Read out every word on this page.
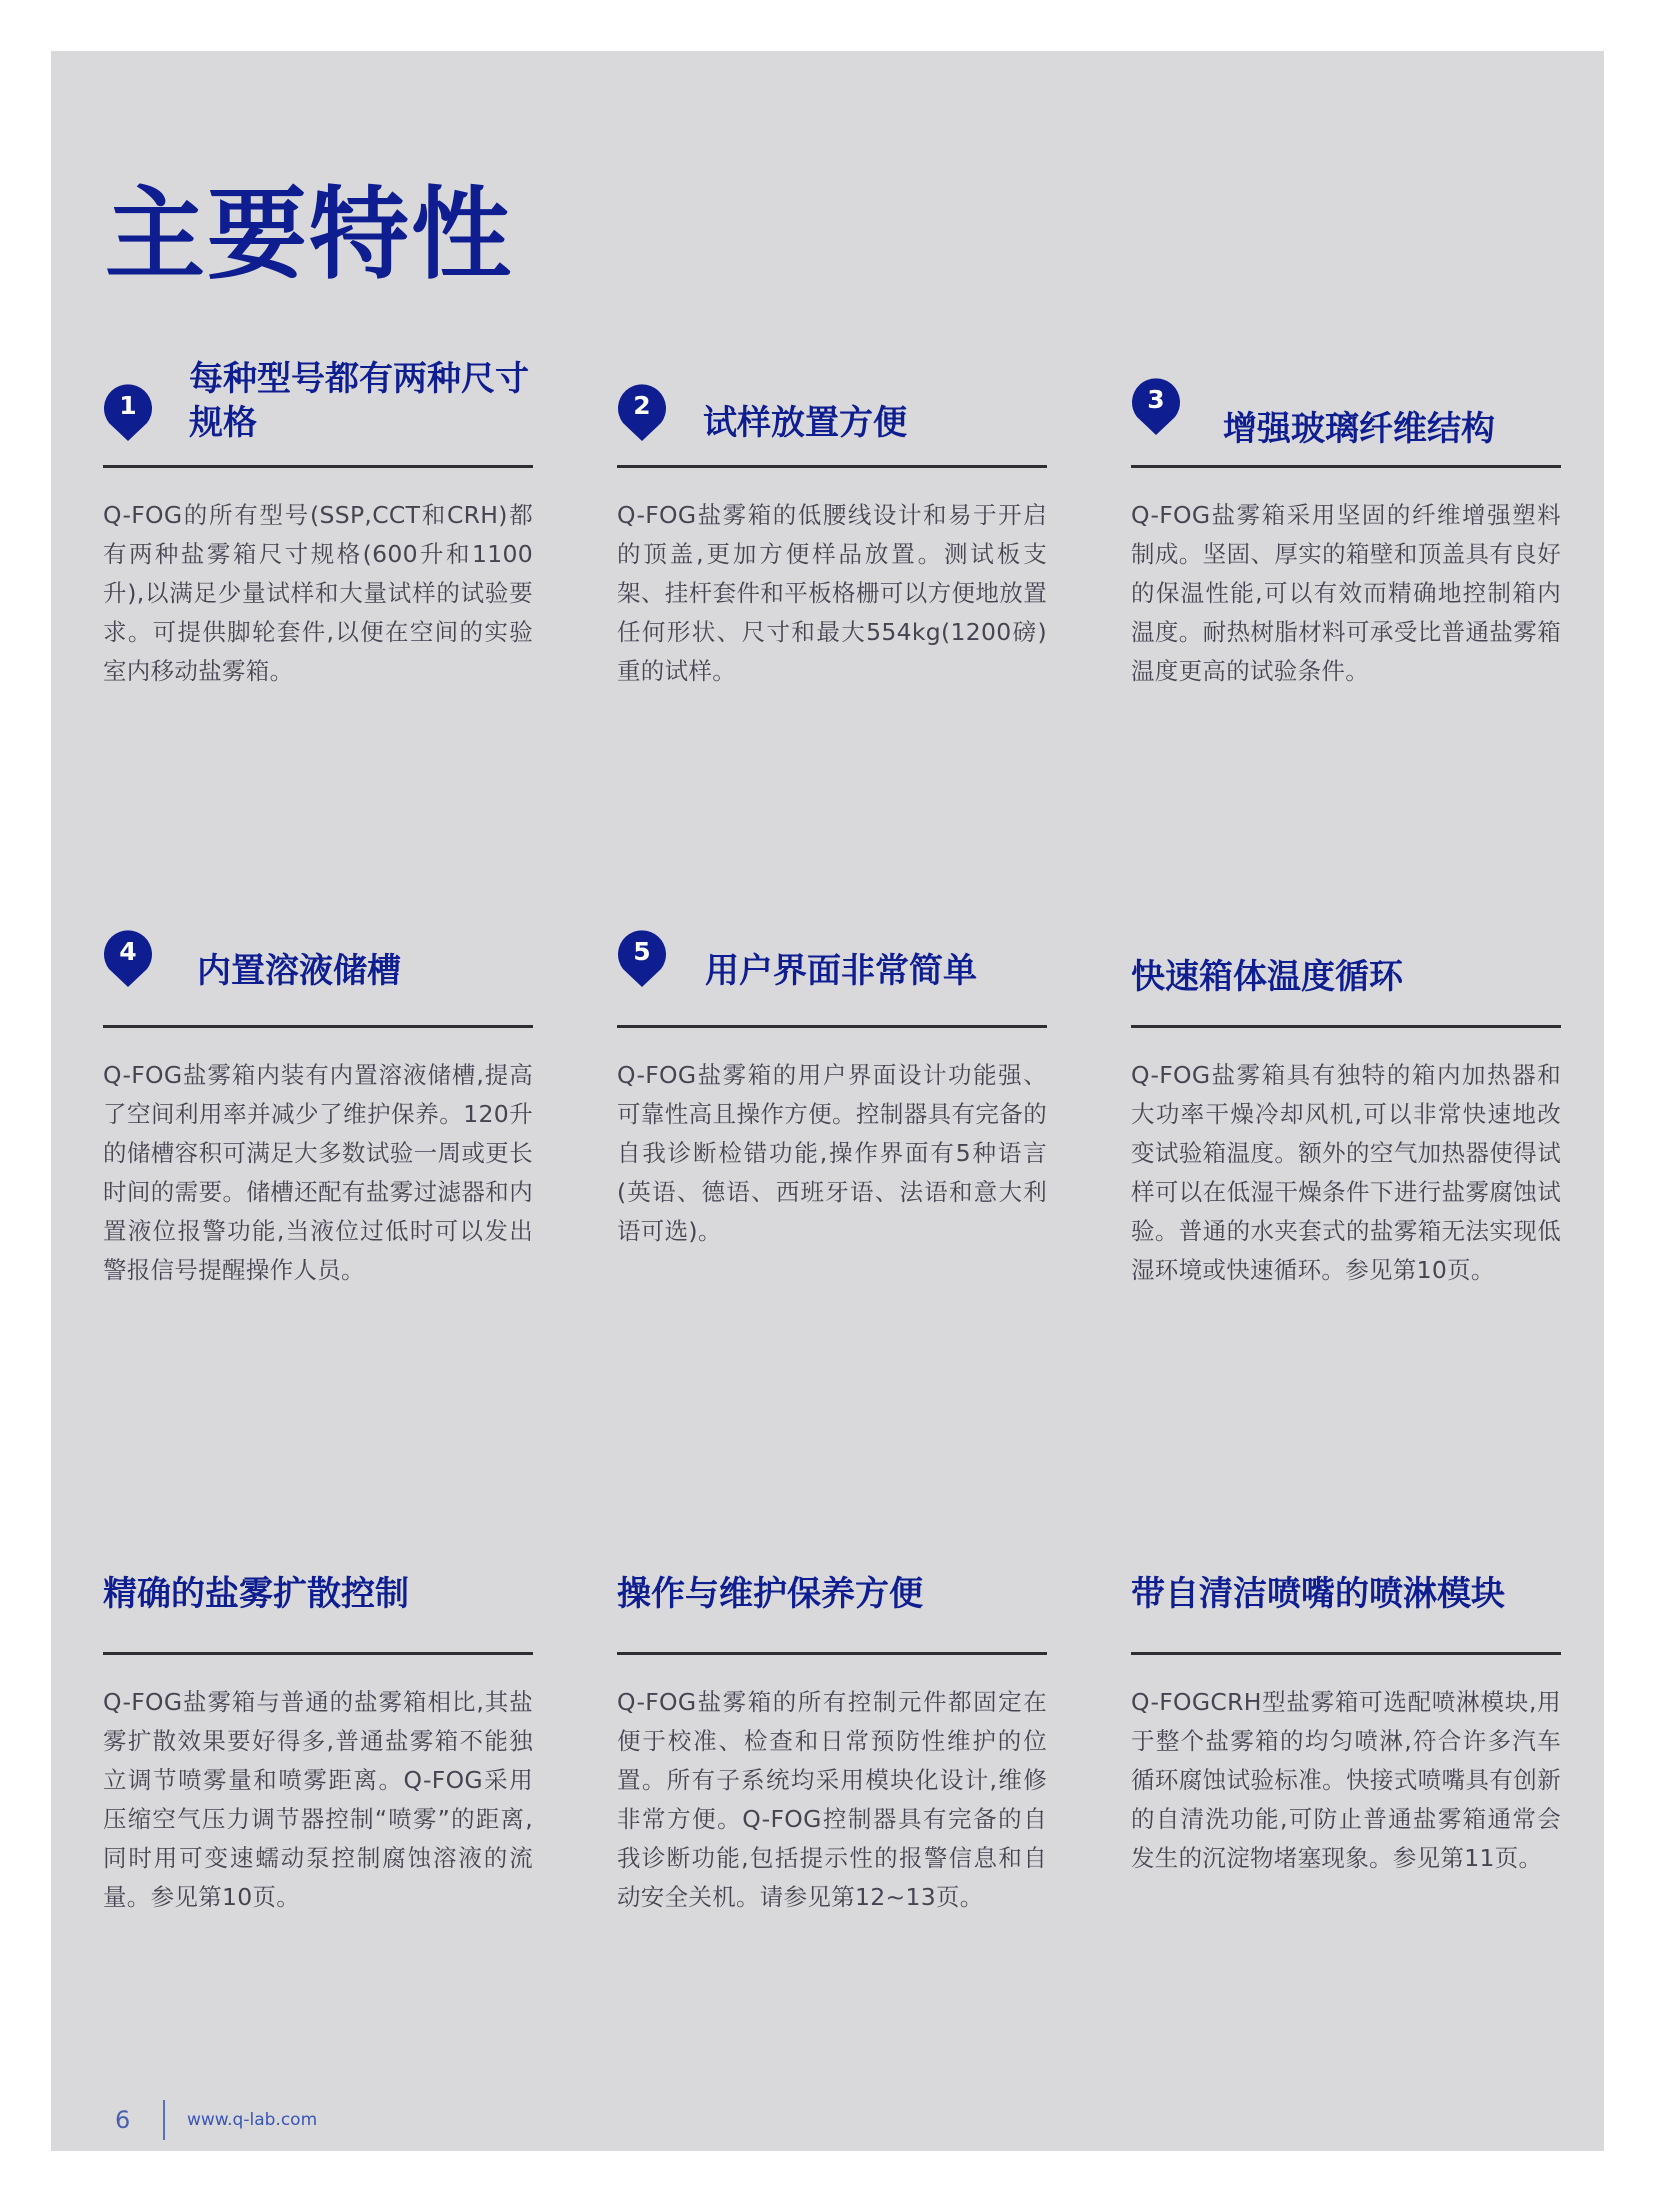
主要特性
1
每种型号都有两种尺寸规格

Q-FOG的所有型号(SSP,CCT和CRH)都有两种盐雾箱尺寸规格(600升和1100升),以满足少量试样和大量试样的试验要求。可提供脚轮套件,以便在空间的实验室内移动盐雾箱。

2	试样放置方便

Q-FOG盐雾箱的低腰线设计和易于开启的顶盖,更加方便样品放置。测试板支架、挂杆套件和平板格栅可以方便地放置任何形状、尺寸和最大554kg(1200磅)重的试样。

3
增强玻璃纤维结构

Q-FOG盐雾箱采用坚固的纤维增强塑料制成。坚固、厚实的箱壁和顶盖具有良好的保温性能,可以有效而精确地控制箱内温度。耐热树脂材料可承受比普通盐雾箱温度更高的试验条件。

4	内置溶液储槽

Q-FOG盐雾箱内装有内置溶液储槽,提高了空间利用率并减少了维护保养。120升的储槽容积可满足大多数试验一周或更长时间的需要。储槽还配有盐雾过滤器和内置液位报警功能,当液位过低时可以发出警报信号提醒操作人员。

5	用户界面非常简单

Q-FOG盐雾箱的用户界面设计功能强、可靠性高且操作方便。控制器具有完备的自我诊断检错功能,操作界面有5种语言(英语、德语、西班牙语、法语和意大利语可选)。

快速箱体温度循环

Q-FOG盐雾箱具有独特的箱内加热器和大功率干燥冷却风机,可以非常快速地改变试验箱温度。额外的空气加热器使得试样可以在低湿干燥条件下进行盐雾腐蚀试验。普通的水夹套式的盐雾箱无法实现低湿环境或快速循环。参见第10页。

精确的盐雾扩散控制

Q-FOG盐雾箱与普通的盐雾箱相比,其盐雾扩散效果要好得多,普通盐雾箱不能独立调节喷雾量和喷雾距离。Q-FOG采用压缩空气压力调节器控制“喷雾”的距离,同时用可变速蠕动泵控制腐蚀溶液的流量。参见第10页。

操作与维护保养方便

Q-FOG盐雾箱的所有控制元件都固定在便于校准、检查和日常预防性维护的位置。所有子系统均采用模块化设计,维修非常方便。Q-FOG控制器具有完备的自我诊断功能,包括提示性的报警信息和自动安全关机。请参见第12~13页。

带自清洁喷嘴的喷淋模块

Q-FOGCRH型盐雾箱可选配喷淋模块,用于整个盐雾箱的均匀喷淋,符合许多汽车循环腐蚀试验标准。快接式喷嘴具有创新的自清洗功能,可防止普通盐雾箱通常会发生的沉淀物堵塞现象。参见第11页。

6	www.q-lab.com
